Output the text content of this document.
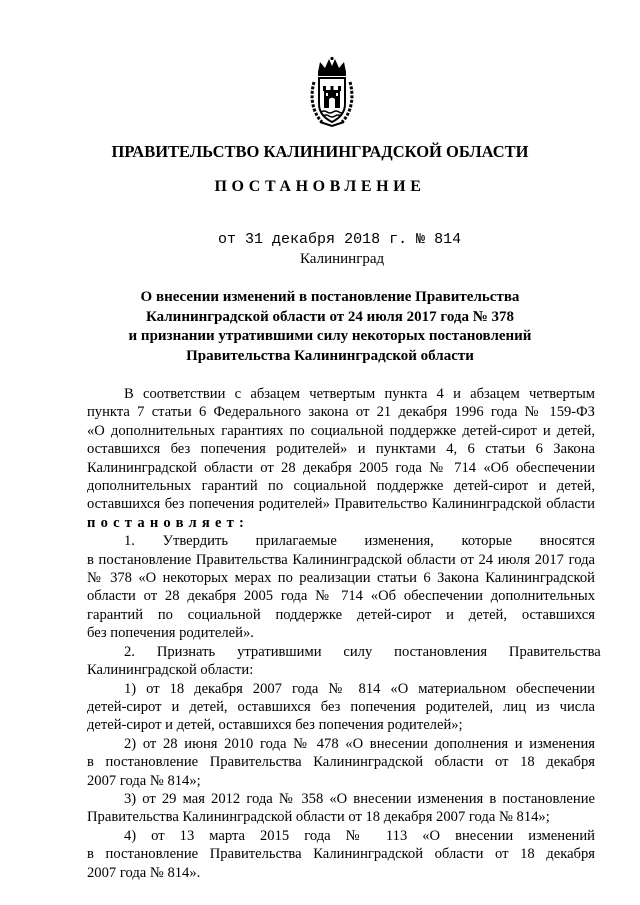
ПРАВИТЕЛЬСТВО КАЛИНИНГРАДСКОЙ ОБЛАСТИ
ПОСТАНОВЛЕНИЕ
от 31 декабря 2018 г. № 814
Калининград
О внесении изменений в постановление Правительства
Калининградской области от 24 июля 2017 года № 378
и признании утратившими силу некоторых постановлений
Правительства Калининградской области

В соответствии с абзацем четвертым пункта 4 и абзацем четвертым

пункта 7 статьи 6 Федерального закона от 21 декабря 1996 года № 159-ФЗ

«О дополнительных гарантиях по социальной поддержке детей-сирот и детей,

оставшихся без попечения родителей» и пунктами 4, 6 статьи 6 Закона

Калининградской области от 28 декабря 2005 года № 714 «Об обеспечении

дополнительных гарантий по социальной поддержке детей-сирот и детей,

оставшихся без попечения родителей» Правительство Калининградской области

постановляет:

1.      Утвердить      прилагаемые      изменения,      которые      вносятся

в постановление Правительства Калининградской области от 24 июля 2017 года

№ 378 «О некоторых мерах по реализации статьи 6 Закона Калининградской

области от 28 декабря 2005 года № 714 «Об обеспечении дополнительных

гарантий по социальной поддержке детей-сирот и детей, оставшихся

без попечения родителей».

2.      Признать      утратившими      силу      постановления      Правительства

Калининградской области:

1) от 18 декабря 2007 года № 814 «О материальном обеспечении

детей-сирот и детей, оставшихся без попечения родителей, лиц из числа

детей-сирот и детей, оставшихся без попечения родителей»;

2) от 28 июня 2010 года № 478 «О внесении дополнения и изменения

в постановление Правительства Калининградской области от 18 декабря

2007 года № 814»;

3) от 29 мая 2012 года № 358 «О внесении изменения в постановление

Правительства Калининградской области от 18 декабря 2007 года № 814»;

4) от 13 марта 2015 года № 113 «О внесении изменений

в постановление Правительства Калининградской области от 18 декабря

2007 года № 814».
